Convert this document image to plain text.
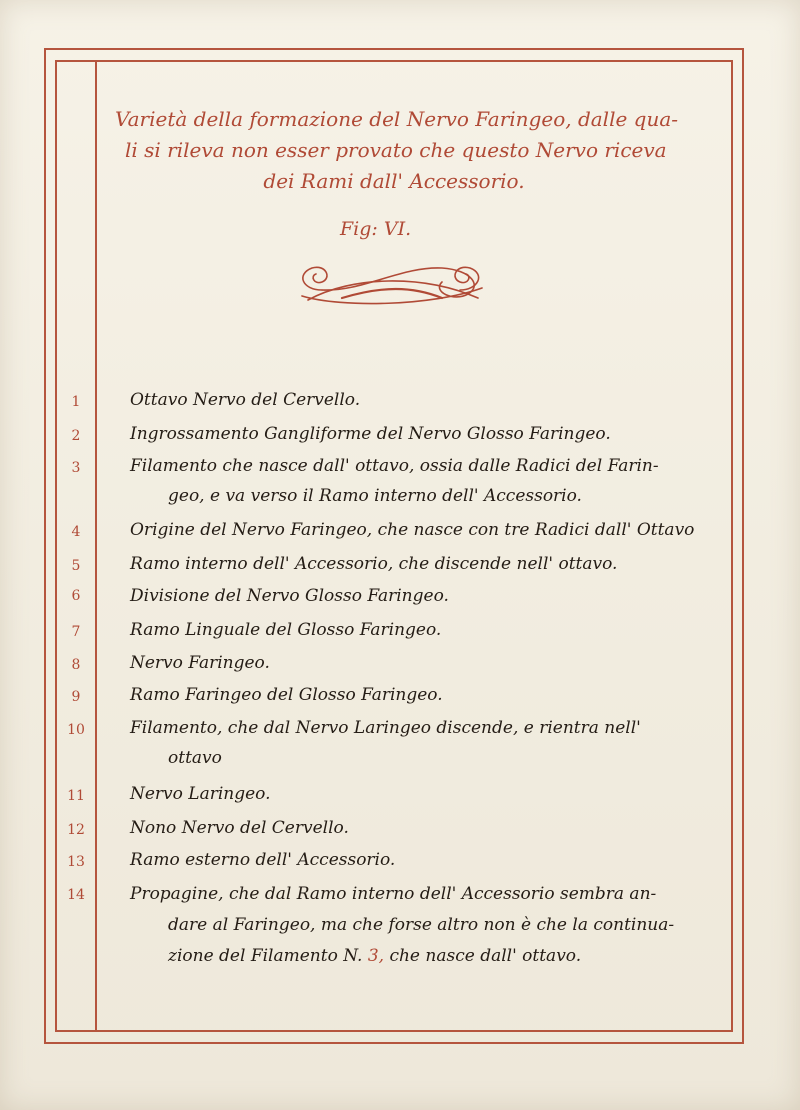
Varietà della formazione del Nervo Faringeo, dalle qua-
li si rileva non esser provato che questo Nervo riceva
dei Rami dall' Accessorio.
Fig: VI.
1	Ottavo Nervo del Cervello.
2	Ingrossamento Gangliforme del Nervo Glosso Faringeo.
3	Filamento che nasce dall' ottavo, ossia dalle Radici del Farin-
geo, e va verso il Ramo interno dell' Accessorio.
4	Origine del Nervo Faringeo, che nasce con tre Radici dall' Ottavo
5	Ramo interno dell' Accessorio, che discende nell' ottavo.
6	Divisione del Nervo Glosso Faringeo.
7	Ramo Linguale del Glosso Faringeo.
8	Nervo Faringeo.
9	Ramo Faringeo del Glosso Faringeo.
10	Filamento, che dal Nervo Laringeo discende, e rientra nell'
ottavo
11	Nervo Laringeo.
12	Nono Nervo del Cervello.
13	Ramo esterno dell' Accessorio.
14	Propagine, che dal Ramo interno dell' Accessorio sembra an-
dare al Faringeo, ma che forse altro non è che la continua-
zione del Filamento N. 3, che nasce dall' ottavo.
